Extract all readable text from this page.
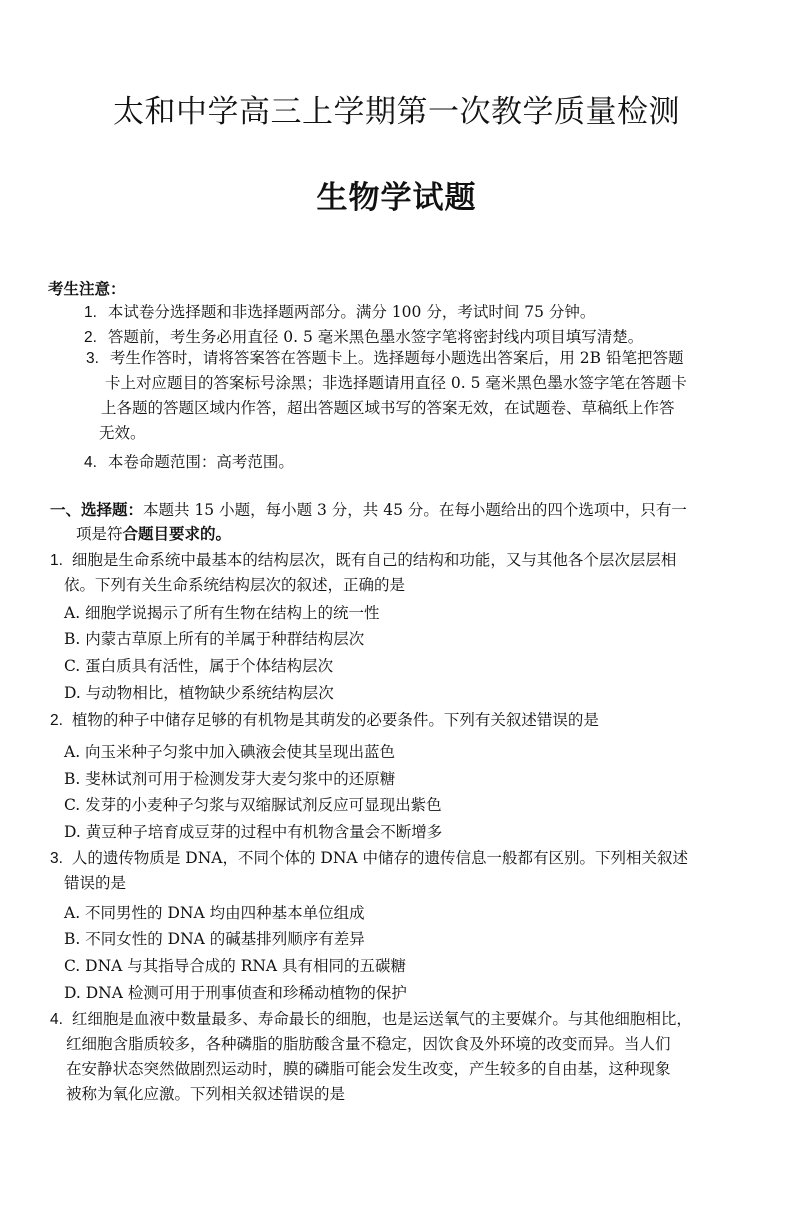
太和中学高三上学期第一次教学质量检测
生物学试题
考生注意：
1. 本试卷分选择题和非选择题两部分。满分 100 分，考试时间 75 分钟。
2. 答题前，考生务必用直径 0. 5 毫米黑色墨水签字笔将密封线内项目填写清楚。
3. 考生作答时，请将答案答在答题卡上。选择题每小题选出答案后，用 2B 铅笔把答题
卡上对应题目的答案标号涂黑；非选择题请用直径 0. 5 毫米黑色墨水签字笔在答题卡
上各题的答题区域内作答，超出答题区域书写的答案无效，在试题卷、草稿纸上作答
无效。
4. 本卷命题范围：高考范围。
一、选择题：本题共 15 小题，每小题 3 分，共 45 分。在每小题给出的四个选项中，只有一
项是符合题目要求的。
1. 细胞是生命系统中最基本的结构层次，既有自己的结构和功能，又与其他各个层次层层相
依。下列有关生命系统结构层次的叙述，正确的是
A. 细胞学说揭示了所有生物在结构上的统一性
B. 内蒙古草原上所有的羊属于种群结构层次
C. 蛋白质具有活性，属于个体结构层次
D. 与动物相比，植物缺少系统结构层次
2. 植物的种子中储存足够的有机物是其萌发的必要条件。下列有关叙述错误的是
A. 向玉米种子匀浆中加入碘液会使其呈现出蓝色
B. 斐林试剂可用于检测发芽大麦匀浆中的还原糖
C. 发芽的小麦种子匀浆与双缩脲试剂反应可显现出紫色
D. 黄豆种子培育成豆芽的过程中有机物含量会不断增多
3. 人的遗传物质是 DNA，不同个体的 DNA 中储存的遗传信息一般都有区别。下列相关叙述
错误的是
A. 不同男性的 DNA 均由四种基本单位组成
B. 不同女性的 DNA 的碱基排列顺序有差异
C. DNA 与其指导合成的 RNA 具有相同的五碳糖
D. DNA 检测可用于刑事侦查和珍稀动植物的保护
4. 红细胞是血液中数量最多、寿命最长的细胞，也是运送氧气的主要媒介。与其他细胞相比，
红细胞含脂质较多，各种磷脂的脂肪酸含量不稳定，因饮食及外环境的改变而异。当人们
在安静状态突然做剧烈运动时，膜的磷脂可能会发生改变，产生较多的自由基，这种现象
被称为氧化应激。下列相关叙述错误的是
